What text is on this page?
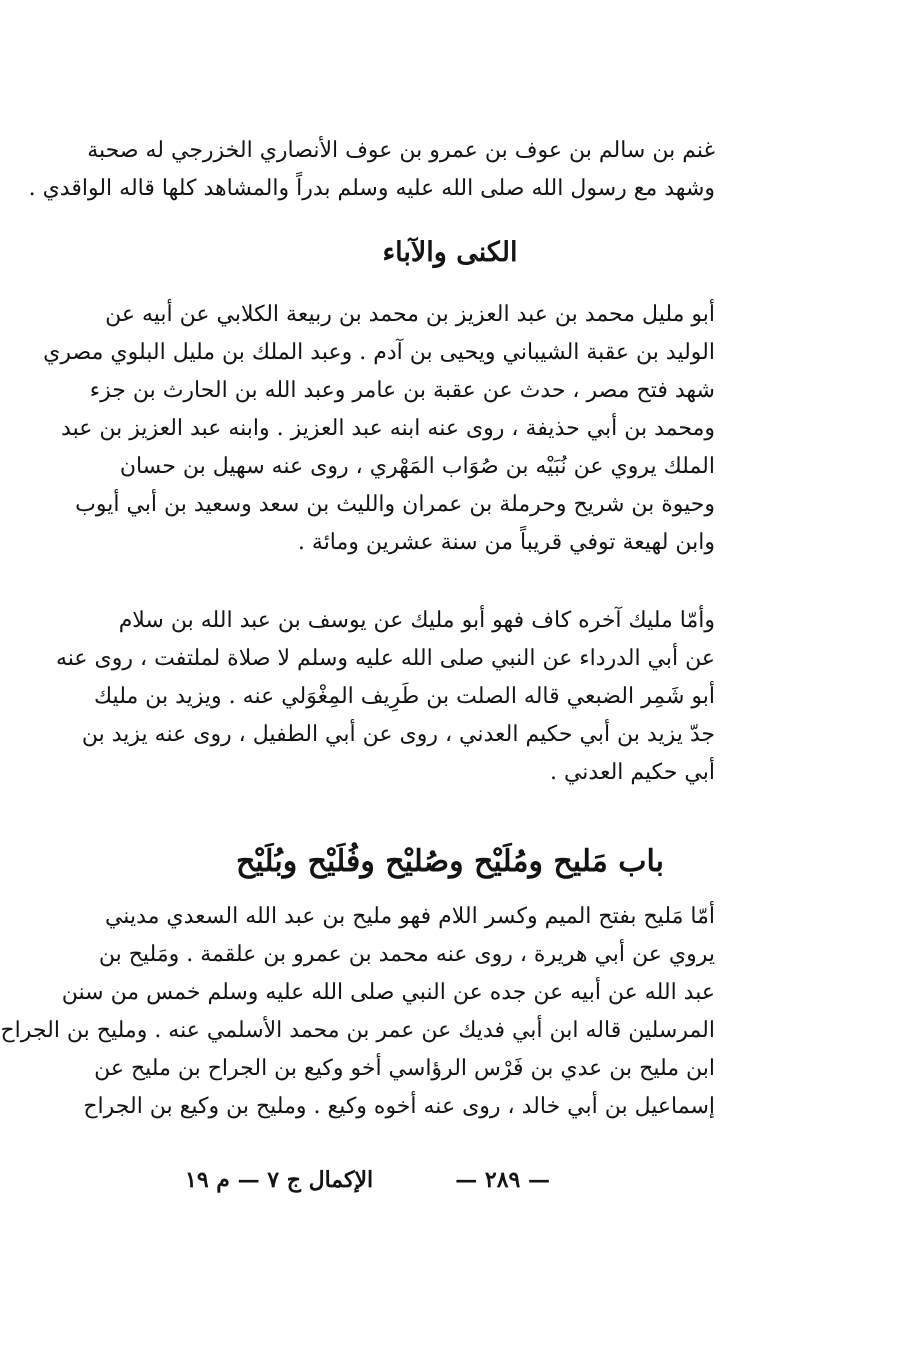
غنم بن سالم بن عوف بن عمرو بن عوف الأنصاري الخزرجي له صحبة
وشهد مع رسول الله صلى الله عليه وسلم بدراً والمشاهد كلها قاله الواقدي .
الكنى والآباء
أبو مليل محمد بن عبد العزيز بن محمد بن ربيعة الكلابي عن أبيه عن
الوليد بن عقبة الشيباني ويحيى بن آدم . وعبد الملك بن مليل البلوي مصري
شهد فتح مصر ، حدث عن عقبة بن عامر وعبد الله بن الحارث بن جزء
ومحمد بن أبي حذيفة ، روى عنه ابنه عبد العزيز . وابنه عبد العزيز بن عبد
الملك يروي عن نُبَيْه بن صُوَاب المَهْري ، روى عنه سهيل بن حسان
وحيوة بن شريح وحرملة بن عمران والليث بن سعد وسعيد بن أبي أيوب
وابن لهيعة توفي قريباً من سنة عشرين ومائة .
وأمّا مليك آخره كاف فهو أبو مليك عن يوسف بن عبد الله بن سلام
عن أبي الدرداء عن النبي صلى الله عليه وسلم لا صلاة لملتفت ، روى عنه
أبو شَمِر الضبعي قاله الصلت بن طَرِيف المِغْوَلي عنه . ويزيد بن مليك
جدّ يزيد بن أبي حكيم العدني ، روى عن أبي الطفيل ، روى عنه يزيد بن
أبي حكيم العدني .
باب مَليح ومُلَيْح وصُليْح وفُلَيْح وبُلَيْح
أمّا مَليح بفتح الميم وكسر اللام فهو مليح بن عبد الله السعدي مديني
يروي عن أبي هريرة ، روى عنه محمد بن عمرو بن علقمة . ومَليح بن
عبد الله عن أبيه عن جده عن النبي صلى الله عليه وسلم خمس من سنن
المرسلين قاله ابن أبي فديك عن عمر بن محمد الأسلمي عنه . ومليح بن الجراح
ابن مليح بن عدي بن فَرْس الرؤاسي أخو وكيع بن الجراح بن مليح عن
إسماعيل بن أبي خالد ، روى عنه أخوه وكيع . ومليح بن وكيع بن الجراح
— ٢٨٩ —
الإكمال ج ٧ — م ١٩
